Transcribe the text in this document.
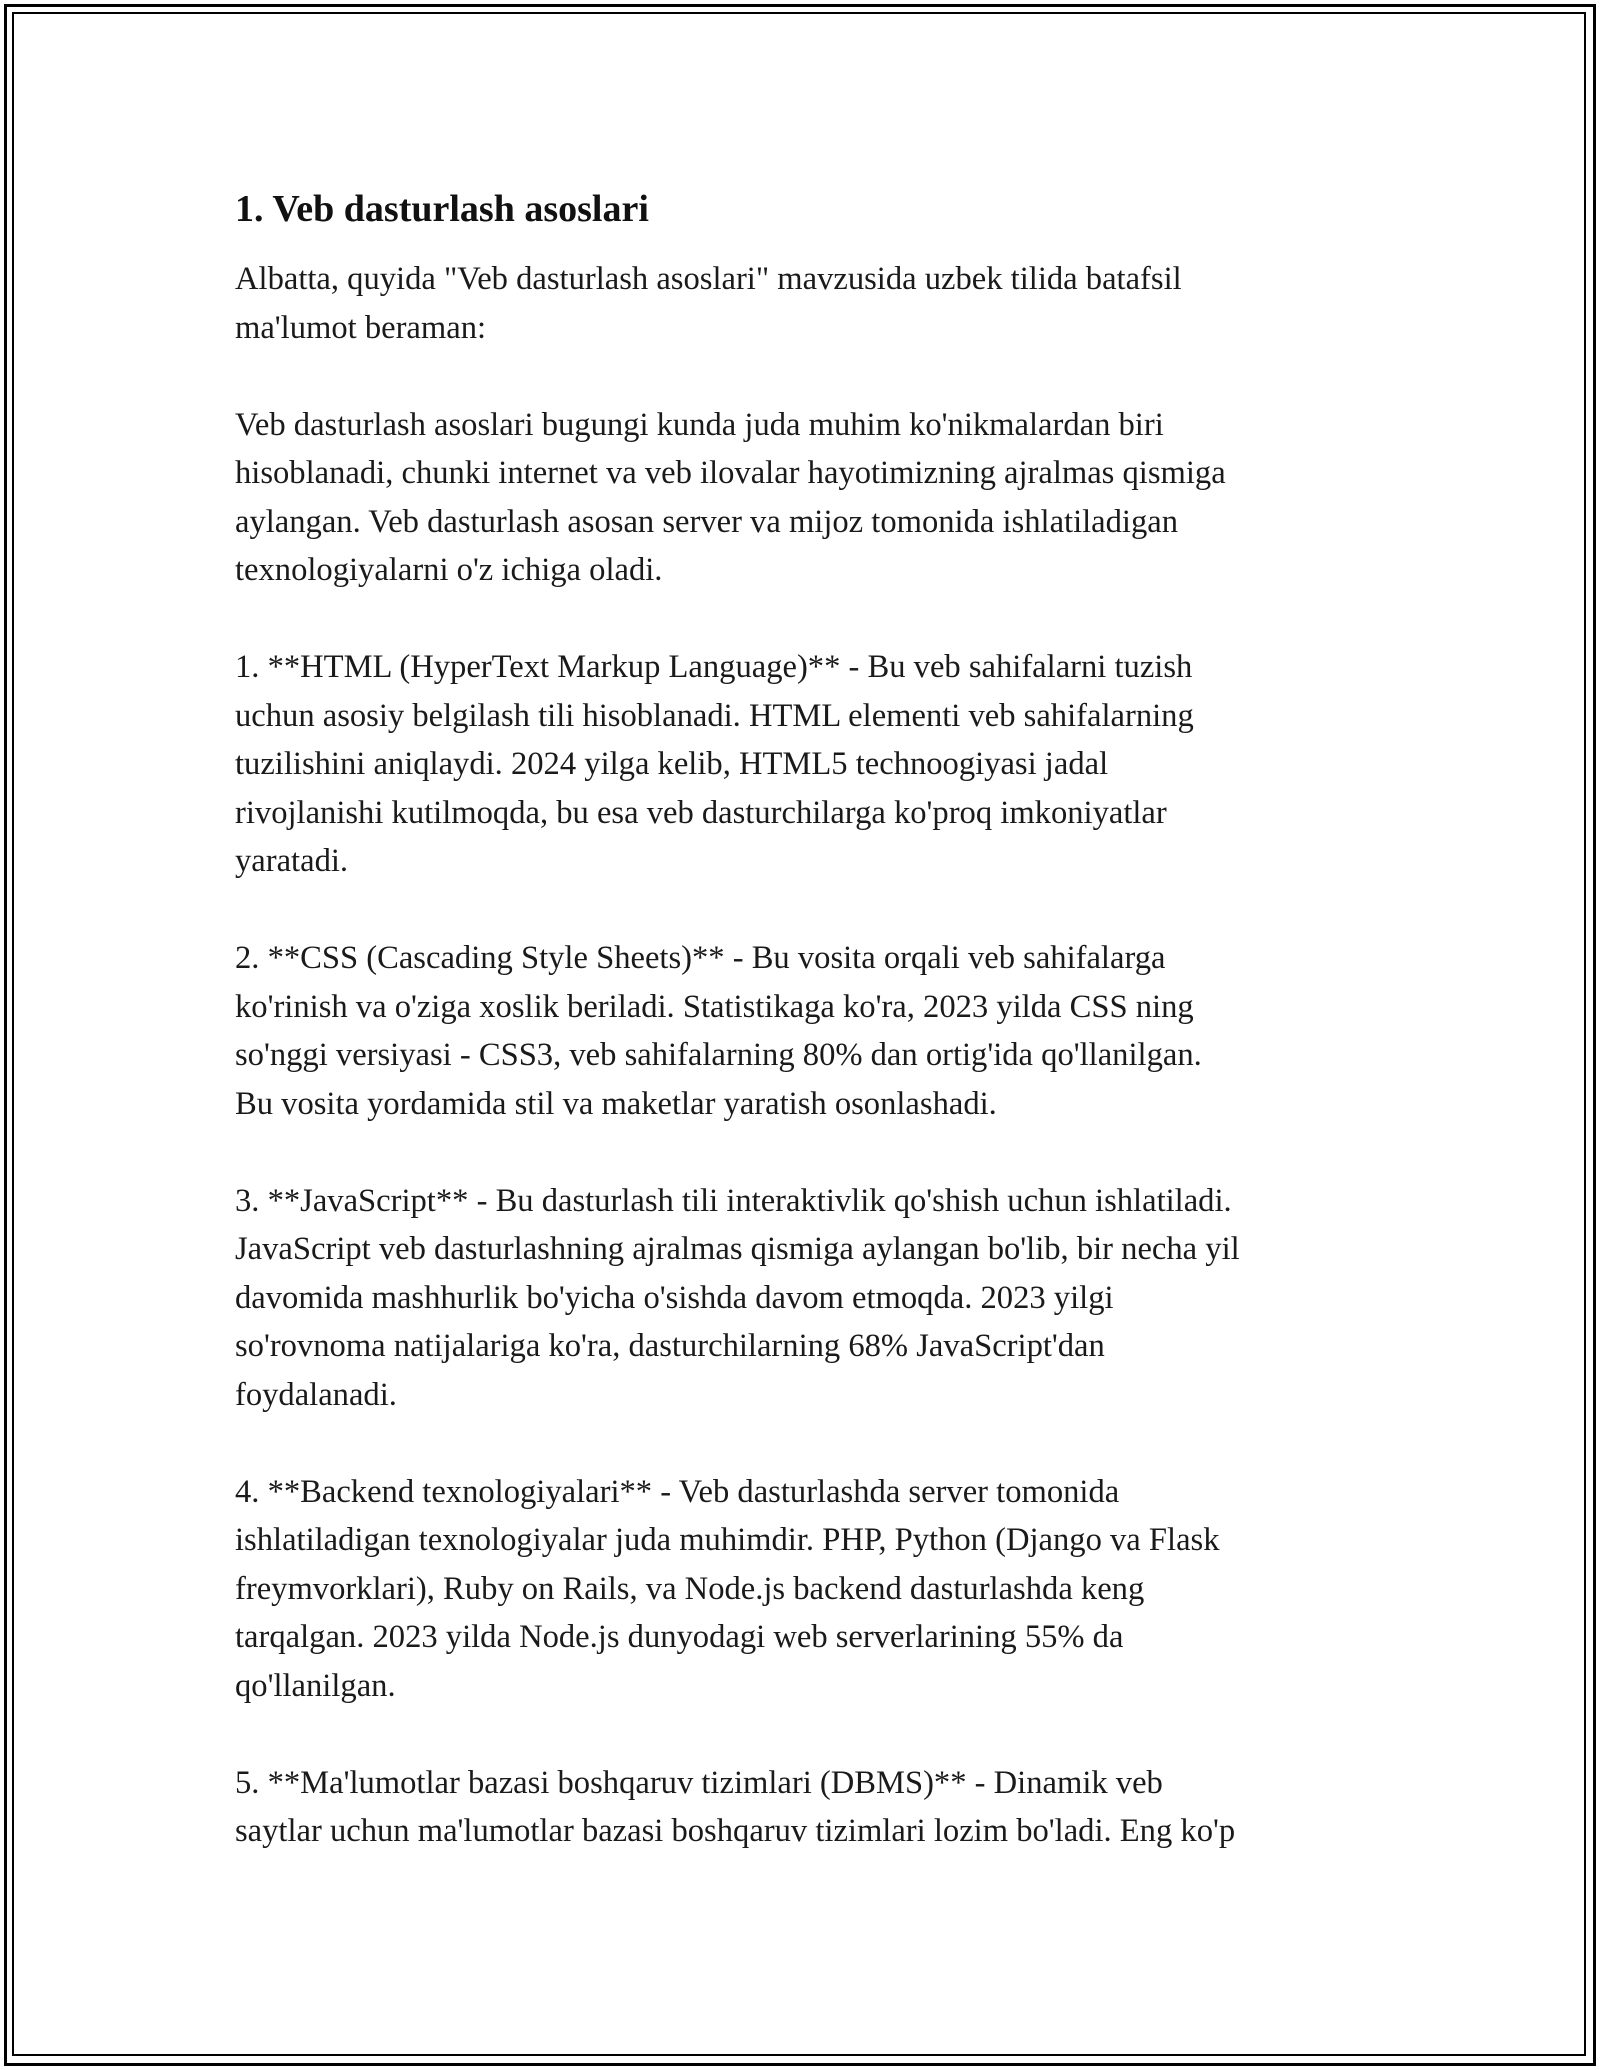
1. Veb dasturlash asoslari

Albatta, quyida "Veb dasturlash asoslari" mavzusida uzbek tilida batafsil
ma'lumot beraman:

Veb dasturlash asoslari bugungi kunda juda muhim ko'nikmalardan biri
hisoblanadi, chunki internet va veb ilovalar hayotimizning ajralmas qismiga
aylangan. Veb dasturlash asosan server va mijoz tomonida ishlatiladigan
texnologiyalarni o'z ichiga oladi.

1. **HTML (HyperText Markup Language)** - Bu veb sahifalarni tuzish
uchun asosiy belgilash tili hisoblanadi. HTML elementi veb sahifalarning
tuzilishini aniqlaydi. 2024 yilga kelib, HTML5 technoogiyasi jadal
rivojlanishi kutilmoqda, bu esa veb dasturchilarga ko'proq imkoniyatlar
yaratadi.

2. **CSS (Cascading Style Sheets)** - Bu vosita orqali veb sahifalarga
ko'rinish va o'ziga xoslik beriladi. Statistikaga ko'ra, 2023 yilda CSS ning
so'nggi versiyasi - CSS3, veb sahifalarning 80% dan ortig'ida qo'llanilgan.
Bu vosita yordamida stil va maketlar yaratish osonlashadi.

3. **JavaScript** - Bu dasturlash tili interaktivlik qo'shish uchun ishlatiladi.
JavaScript veb dasturlashning ajralmas qismiga aylangan bo'lib, bir necha yil
davomida mashhurlik bo'yicha o'sishda davom etmoqda. 2023 yilgi
so'rovnoma natijalariga ko'ra, dasturchilarning 68% JavaScript'dan
foydalanadi.

4. **Backend texnologiyalari** - Veb dasturlashda server tomonida
ishlatiladigan texnologiyalar juda muhimdir. PHP, Python (Django va Flask
freymvorklari), Ruby on Rails, va Node.js backend dasturlashda keng
tarqalgan. 2023 yilda Node.js dunyodagi web serverlarining 55% da
qo'llanilgan.

5. **Ma'lumotlar bazasi boshqaruv tizimlari (DBMS)** - Dinamik veb
saytlar uchun ma'lumotlar bazasi boshqaruv tizimlari lozim bo'ladi. Eng ko'p
